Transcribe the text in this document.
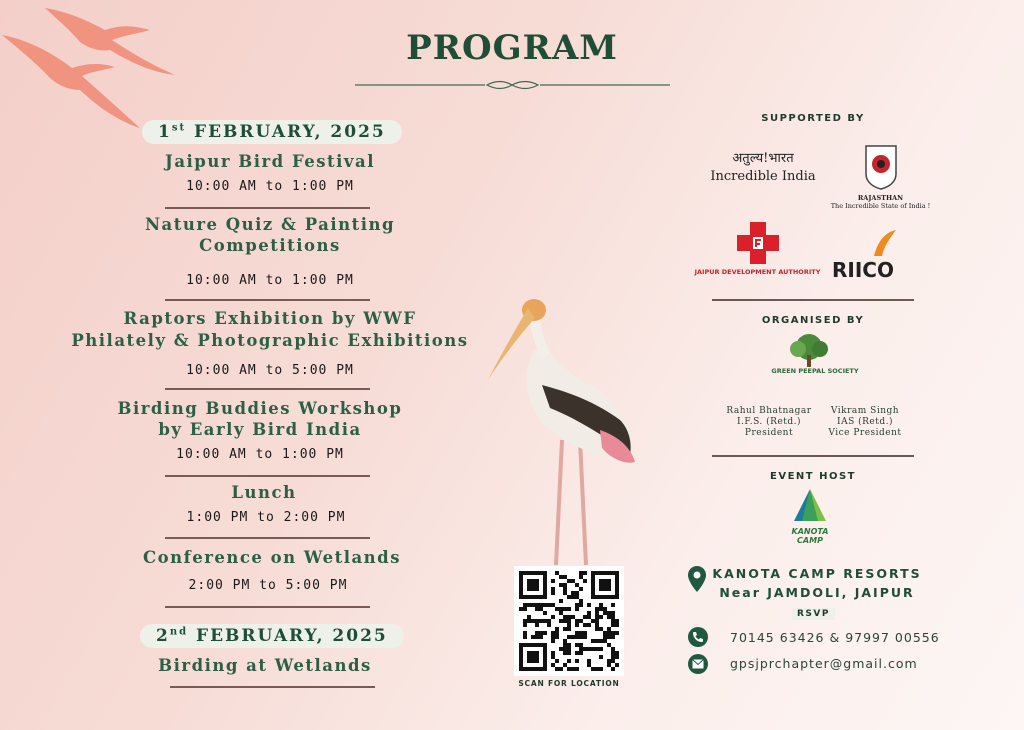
PROGRAM
1st FEBRUARY, 2025
Jaipur Bird Festival
10:00 AM to 1:00 PM
Nature Quiz & Painting
Competitions
10:00 AM to 1:00 PM
Raptors Exhibition by WWF
Philately & Photographic Exhibitions
10:00 AM to 5:00 PM
Birding Buddies Workshop
by Early Bird India
10:00 AM to 1:00 PM
Lunch
1:00 PM to 2:00 PM
Conference on Wetlands
2:00 PM to 5:00 PM
2nd FEBRUARY, 2025
Birding at Wetlands
SCAN FOR LOCATION
SUPPORTED BY
अतुल्य!भारत
Incredible India
RAJASTHAN
The Incredible State of India !
JAIPUR DEVELOPMENT AUTHORITY RIICO
ORGANISED BY
GREEN PEEPAL SOCIETY
Rahul Bhatnagar
I.F.S. (Retd.)
President
Vikram Singh
IAS (Retd.)
Vice President
EVENT HOST
KANOTA
CAMP
KANOTA CAMP RESORTS
Near JAMDOLI, JAIPUR
RSVP
70145 63426 & 97997 00556
gpsjprchapter@gmail.com
